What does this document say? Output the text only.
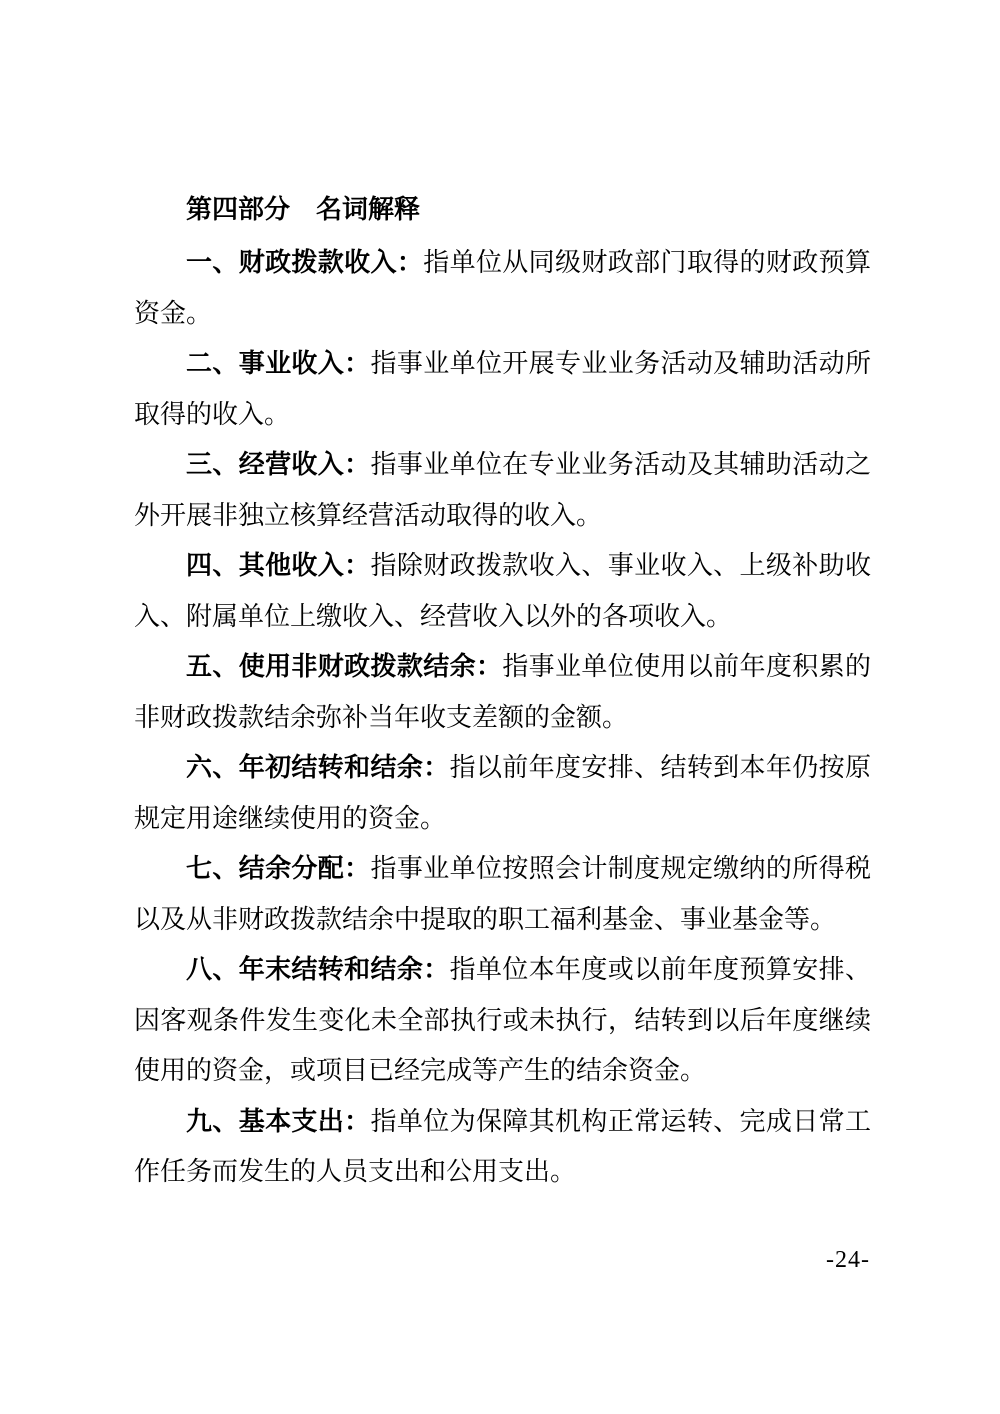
第四部分　名词解释

一、财政拨款收入：指单位从同级财政部门取得的财政预算资金。

二、事业收入：指事业单位开展专业业务活动及辅助活动所取得的收入。

三、经营收入：指事业单位在专业业务活动及其辅助活动之外开展非独立核算经营活动取得的收入。

四、其他收入：指除财政拨款收入、事业收入、上级补助收入、附属单位上缴收入、经营收入以外的各项收入。

五、使用非财政拨款结余：指事业单位使用以前年度积累的非财政拨款结余弥补当年收支差额的金额。

六、年初结转和结余：指以前年度安排、结转到本年仍按原规定用途继续使用的资金。

七、结余分配：指事业单位按照会计制度规定缴纳的所得税以及从非财政拨款结余中提取的职工福利基金、事业基金等。

八、年末结转和结余：指单位本年度或以前年度预算安排、因客观条件发生变化未全部执行或未执行，结转到以后年度继续使用的资金，或项目已经完成等产生的结余资金。

九、基本支出：指单位为保障其机构正常运转、完成日常工作任务而发生的人员支出和公用支出。

-24-
